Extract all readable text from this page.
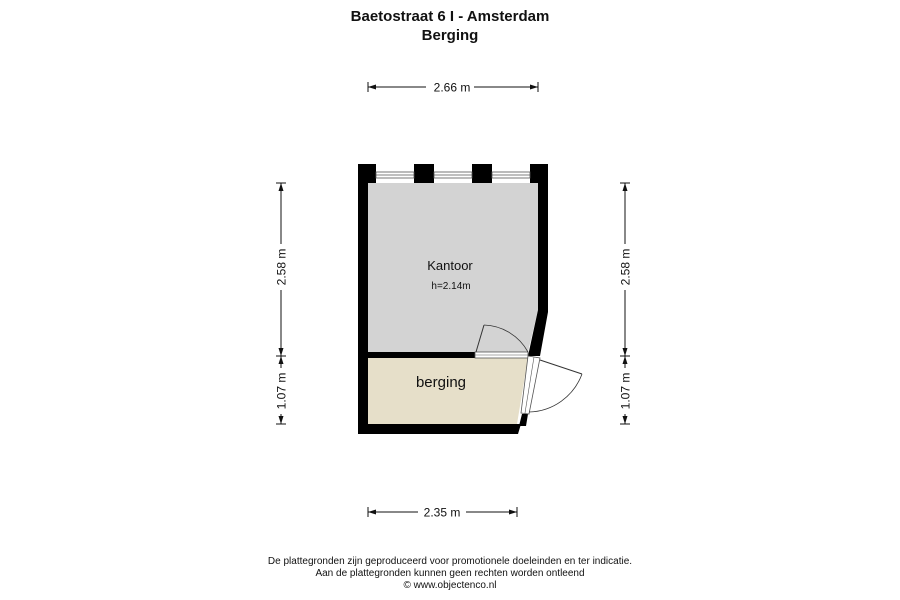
Baetostraat 6 I - Amsterdam
Berging
2.66 m
2.35 m
2.58 m
1.07 m
2.58 m
1.07 m
Kantoor
h=2.14m
berging
De plattegronden zijn geproduceerd voor promotionele doeleinden en ter indicatie.
Aan de plattegronden kunnen geen rechten worden ontleend
© www.objectenco.nl
